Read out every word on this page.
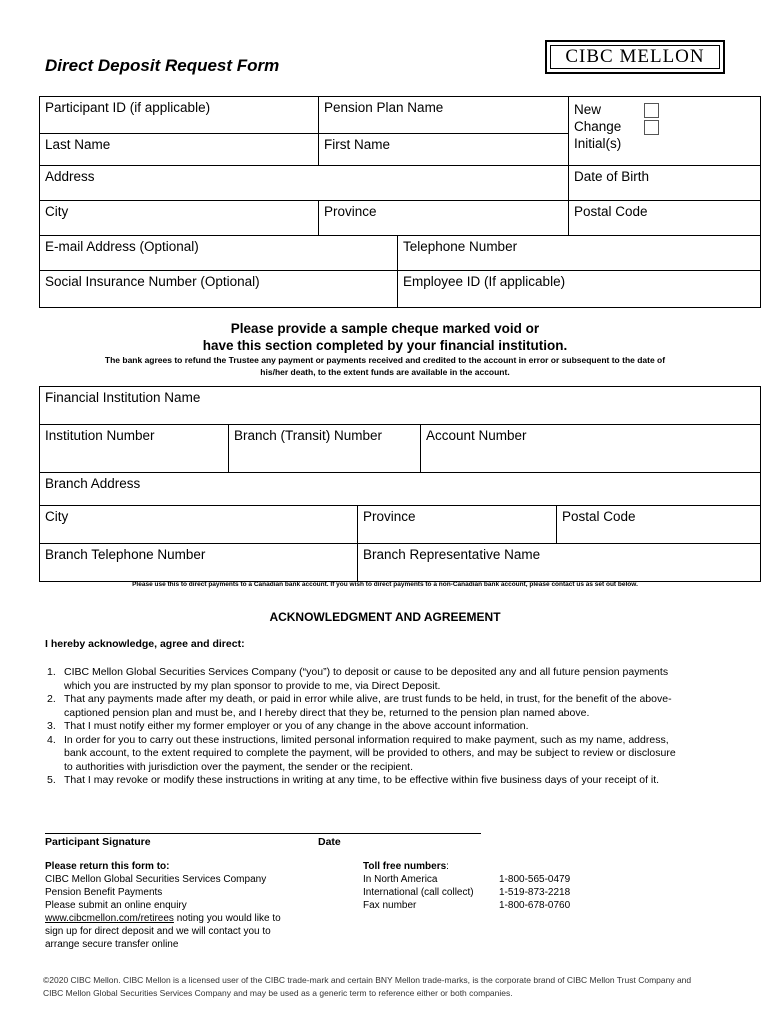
Direct Deposit Request Form	CIBC MELLON
Participant ID (if applicable)	Pension Plan Name		New
Change
Initial(s)

Last Name	First Name		
Address			Date of Birth
City	Province		Postal Code
E-mail Address (Optional)		Telephone Number	
Social Insurance Number (Optional)		Employee ID (If applicable)	
Please provide a sample cheque marked void or
have this section completed by your financial institution.
The bank agrees to refund the Trustee any payment or payments received and credited to the account in error or subsequent to the date of
his/her death, to the extent funds are available in the account.
Financial Institution Name				
Institution Number	Branch (Transit) Number		Account Number	
Branch Address				
City		Province		Postal Code
Branch Telephone Number		Branch Representative Name		
Please use this to direct payments to a Canadian bank account. If you wish to direct payments to a non-Canadian bank account, please contact us as set out below.
ACKNOWLEDGMENT AND AGREEMENT
I hereby acknowledge, agree and direct:
1. CIBC Mellon Global Securities Services Company (“you”) to deposit or cause to be deposited any and all future pension payments
which you are instructed by my plan sponsor to provide to me, via Direct Deposit.
2. That any payments made after my death, or paid in error while alive, are trust funds to be held, in trust, for the benefit of the above-
captioned pension plan and must be, and I hereby direct that they be, returned to the pension plan named above.
3. That I must notify either my former employer or you of any change in the above account information.
4. In order for you to carry out these instructions, limited personal information required to make payment, such as my name, address,
bank account, to the extent required to complete the payment, will be provided to others, and may be subject to review or disclosure
to authorities with jurisdiction over the payment, the sender or the recipient.
5. That I may revoke or modify these instructions in writing at any time, to be effective within five business days of your receipt of it.
Participant Signature	Date
Please return this form to:
CIBC Mellon Global Securities Services Company
Pension Benefit Payments
Please submit an online enquiry
www.cibcmellon.com/retirees noting you would like to
sign up for direct deposit and we will contact you to
arrange secure transfer online
Toll free numbers:
In North America	1-800-565-0479
International (call collect)	1-519-873-2218
Fax number	1-800-678-0760
©2020 CIBC Mellon. CIBC Mellon is a licensed user of the CIBC trade-mark and certain BNY Mellon trade-marks, is the corporate brand of CIBC Mellon Trust Company and
CIBC Mellon Global Securities Services Company and may be used as a generic term to reference either or both companies.
